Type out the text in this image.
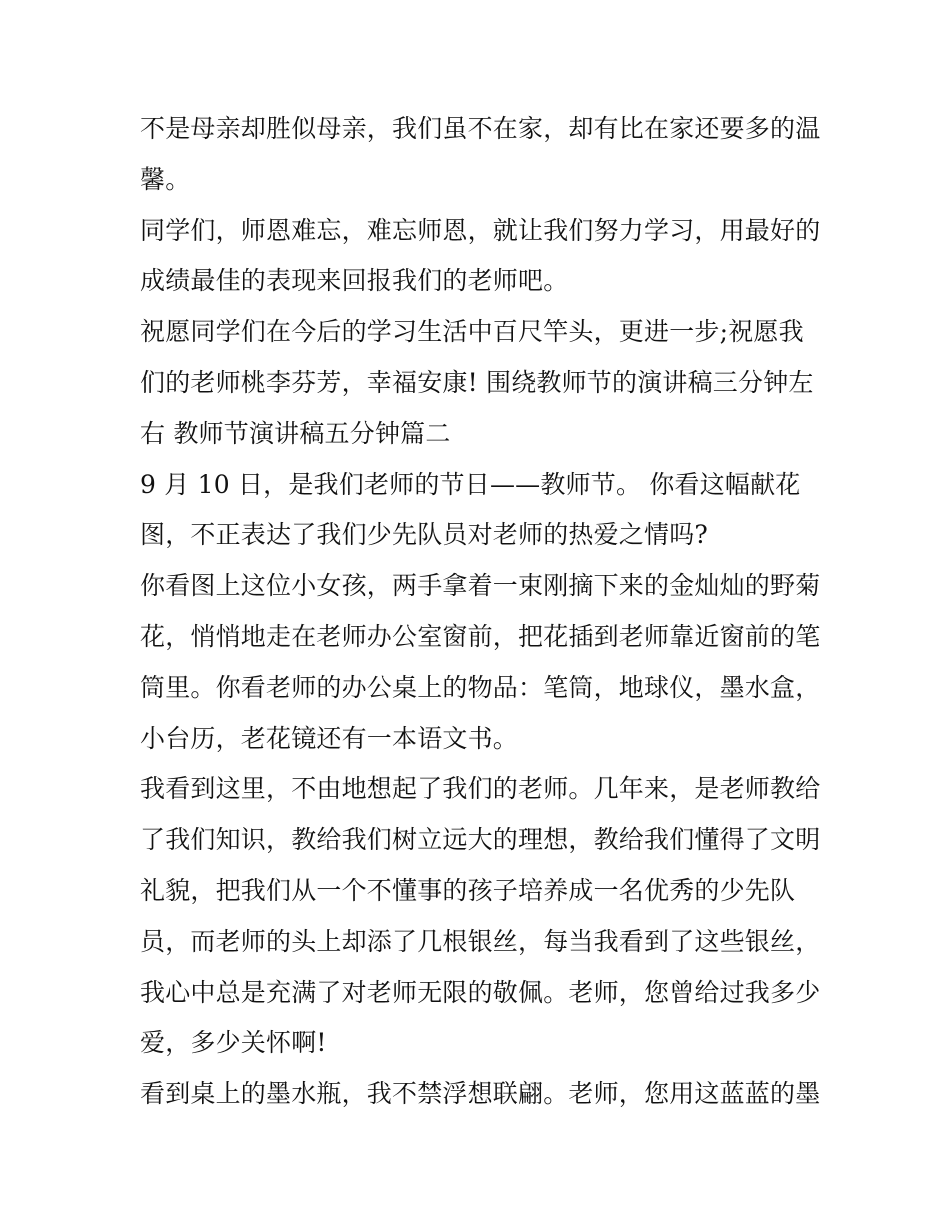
不是母亲却胜似母亲，我们虽不在家，却有比在家还要多的温
馨。
同学们，师恩难忘，难忘师恩，就让我们努力学习，用最好的
成绩最佳的表现来回报我们的老师吧。
祝愿同学们在今后的学习生活中百尺竿头，更进一步;祝愿我
们的老师桃李芬芳，幸福安康! 围绕教师节的演讲稿三分钟左
右 教师节演讲稿五分钟篇二
9 月 10 日，是我们老师的节日——教师节。 你看这幅献花
图，不正表达了我们少先队员对老师的热爱之情吗?
你看图上这位小女孩，两手拿着一束刚摘下来的金灿灿的野菊
花，悄悄地走在老师办公室窗前，把花插到老师靠近窗前的笔
筒里。你看老师的办公桌上的物品：笔筒，地球仪，墨水盒，
小台历，老花镜还有一本语文书。
我看到这里，不由地想起了我们的老师。几年来，是老师教给
了我们知识，教给我们树立远大的理想，教给我们懂得了文明
礼貌，把我们从一个不懂事的孩子培养成一名优秀的少先队
员，而老师的头上却添了几根银丝，每当我看到了这些银丝，
我心中总是充满了对老师无限的敬佩。老师，您曾给过我多少
爱，多少关怀啊!
看到桌上的墨水瓶，我不禁浮想联翩。老师，您用这蓝蓝的墨
